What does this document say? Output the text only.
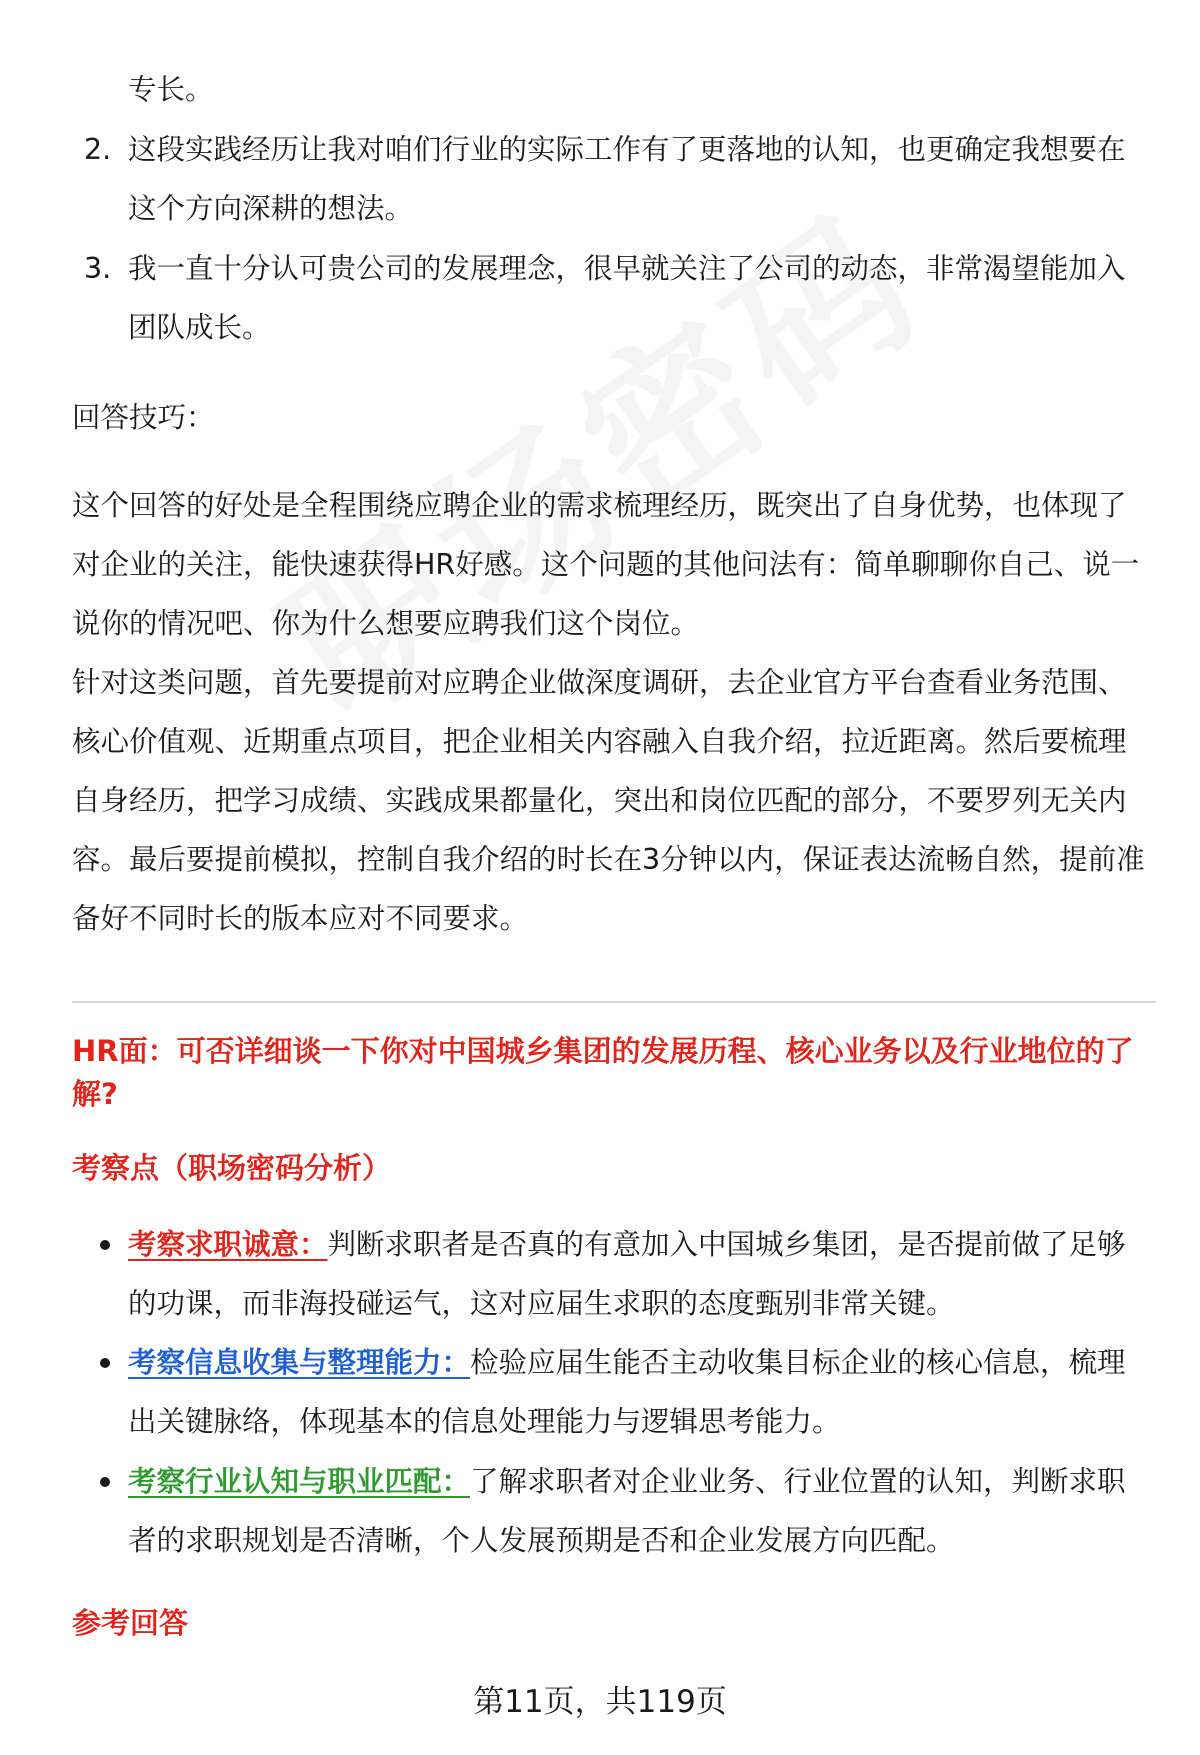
专长。
2. 这段实践经历让我对咱们行业的实际工作有了更落地的认知，也更确定我想要在这个方向深耕的想法。
3. 我一直十分认可贵公司的发展理念，很早就关注了公司的动态，非常渴望能加入团队成长。
回答技巧：
这个回答的好处是全程围绕应聘企业的需求梳理经历，既突出了自身优势，也体现了对企业的关注，能快速获得HR好感。这个问题的其他问法有：简单聊聊你自己、说一说你的情况吧、你为什么想要应聘我们这个岗位。
针对这类问题，首先要提前对应聘企业做深度调研，去企业官方平台查看业务范围、核心价值观、近期重点项目，把企业相关内容融入自我介绍，拉近距离。然后要梳理自身经历，把学习成绩、实践成果都量化，突出和岗位匹配的部分，不要罗列无关内容。最后要提前模拟，控制自我介绍的时长在3分钟以内，保证表达流畅自然，提前准备好不同时长的版本应对不同要求。
HR面：可否详细谈一下你对中国城乡集团的发展历程、核心业务以及行业地位的了解?
考察点（职场密码分析）
考察求职诚意：判断求职者是否真的有意加入中国城乡集团，是否提前做了足够的功课，而非海投碰运气，这对应届生求职的态度甄别非常关键。
考察信息收集与整理能力：检验应届生能否主动收集目标企业的核心信息，梳理出关键脉络，体现基本的信息处理能力与逻辑思考能力。
考察行业认知与职业匹配：了解求职者对企业业务、行业位置的认知，判断求职者的求职规划是否清晰，个人发展预期是否和企业发展方向匹配。
参考回答
第11页，共119页
